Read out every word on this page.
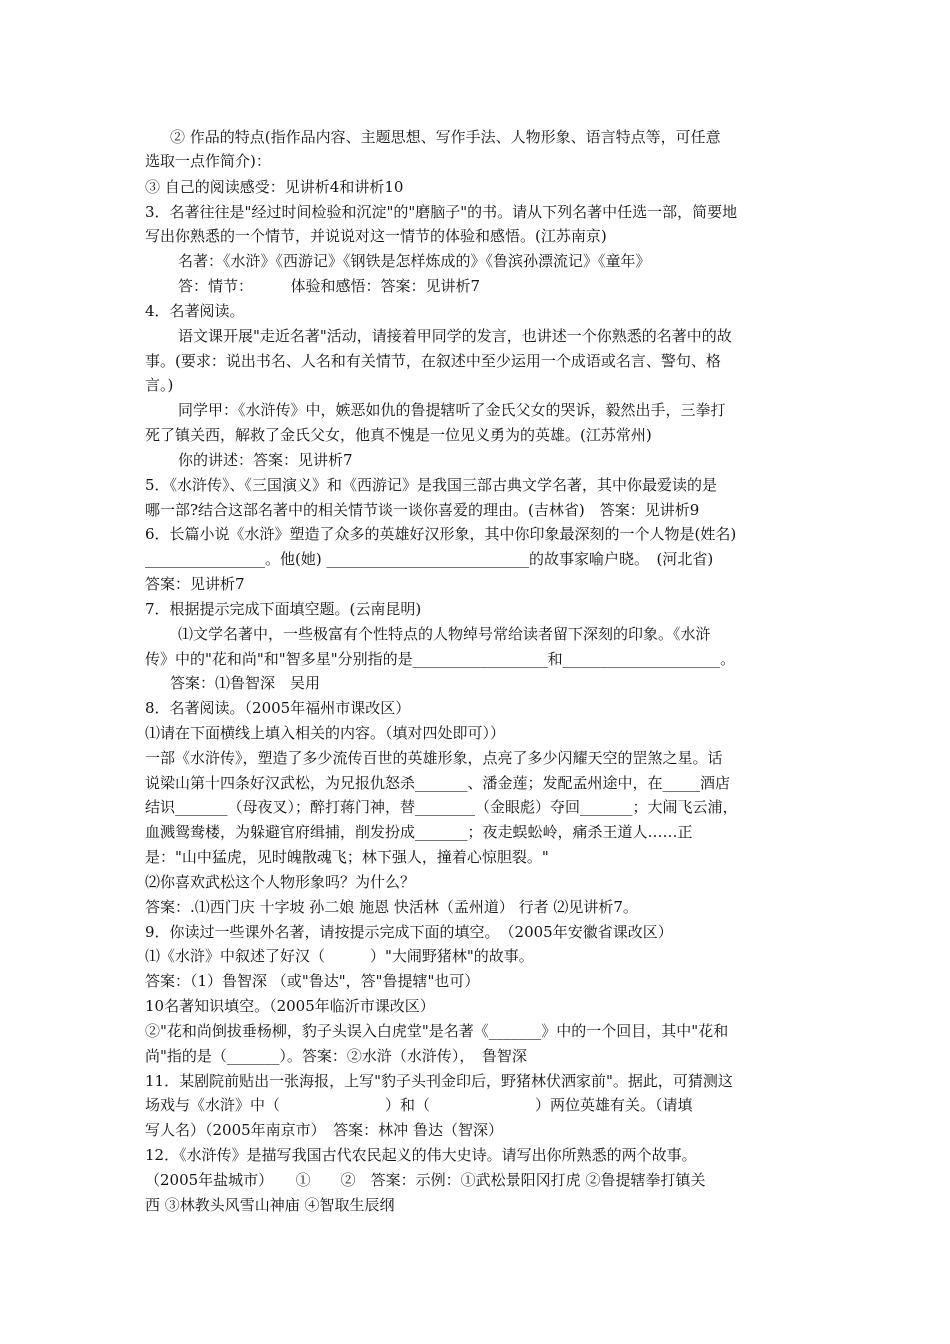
② 作品的特点(指作品内容、主题思想、写作手法、人物形象、语言特点等，可任意
选取一点作简介)：
③ 自己的阅读感受：见讲析4和讲析10
3．名著往往是"经过时间检验和沉淀"的"磨脑子"的书。请从下列名著中任选一部，简要地
写出你熟悉的一个情节，并说说对这一情节的体验和感悟。(江苏南京)
名著：《水浒》《西游记》《钢铁是怎样炼成的》《鲁滨孙漂流记》《童年》
答：情节：　　　体验和感悟：答案：见讲析7
4．名著阅读。
语文课开展"走近名著"活动，请接着甲同学的发言，也讲述一个你熟悉的名著中的故
事。(要求：说出书名、人名和有关情节，在叙述中至少运用一个成语或名言、警句、格
言。)
同学甲：《水浒传》中，嫉恶如仇的鲁提辖听了金氏父女的哭诉，毅然出手，三拳打
死了镇关西，解救了金氏父女，他真不愧是一位见义勇为的英雄。(江苏常州)
你的讲述：答案：见讲析7
5．《水浒传》、《三国演义》和《西游记》是我国三部古典文学名著，其中你最爱读的是
哪一部?结合这部名著中的相关情节谈一谈你喜爱的理由。(吉林省)　答案：见讲析9
6．长篇小说《水浒》塑造了众多的英雄好汉形象，其中你印象最深刻的一个人物是(姓名)
________________。他(她) ___________________________的故事家喻户晓。　(河北省)
答案：见讲析7
7．根据提示完成下面填空题。(云南昆明)
⑴文学名著中，一些极富有个性特点的人物绰号常给读者留下深刻的印象。《水浒
传》中的"花和尚"和"智多星"分别指的是__________________和_____________________。
答案：⑴鲁智深　吴用
8．名著阅读。（2005年福州市课改区）
⑴请在下面横线上填入相关的内容。（填对四处即可））
一部《水浒传》，塑造了多少流传百世的英雄形象，点亮了多少闪耀天空的罡煞之星。话
说梁山第十四条好汉武松，为兄报仇怒杀_______、潘金莲；发配孟州途中，在_____酒店
结识_______（母夜叉）；醉打蒋门神，替________（金眼彪）夺回_______；大闹飞云浦，
血溅鸳鸯楼，为躲避官府缉捕，削发扮成_______；夜走蜈蚣岭，痛杀王道人……正
是："山中猛虎，见时魄散魂飞；林下强人，撞着心惊胆裂。"
⑵你喜欢武松这个人物形象吗？为什么？
答案：.⑴西门庆 十字坡 孙二娘 施恩 快活林（孟州道） 行者 ⑵见讲析7。
9．你读过一些课外名著，请按提示完成下面的填空。　（2005年安徽省课改区）
⑴《水浒》中叙述了好汉（　　　）"大闹野猪林"的故事。
答案：（1）鲁智深 （或"鲁达"，答"鲁提辖"也可）
10名著知识填空。（2005年临沂市课改区）
②"花和尚倒拔垂杨柳，豹子头误入白虎堂"是名著《_______》中的一个回目，其中"花和
尚"指的是（_______）。答案：②水浒（水浒传），　鲁智深
11．某剧院前贴出一张海报，上写"豹子头刊金印后，野猪林伏洒家前"。据此，可猜测这
场戏与《水浒》中（　　　　　　　）和（　　　　　　　）两位英雄有关。（请填
写人名）（2005年南京市）　答案：林冲 鲁达（智深）
12．《水浒传》是描写我国古代农民起义的伟大史诗。请写出你所熟悉的两个故事。
（2005年盐城市）　　①　　②　答案：示例：①武松景阳冈打虎 ②鲁提辖拳打镇关
西 ③林教头风雪山神庙 ④智取生辰纲
